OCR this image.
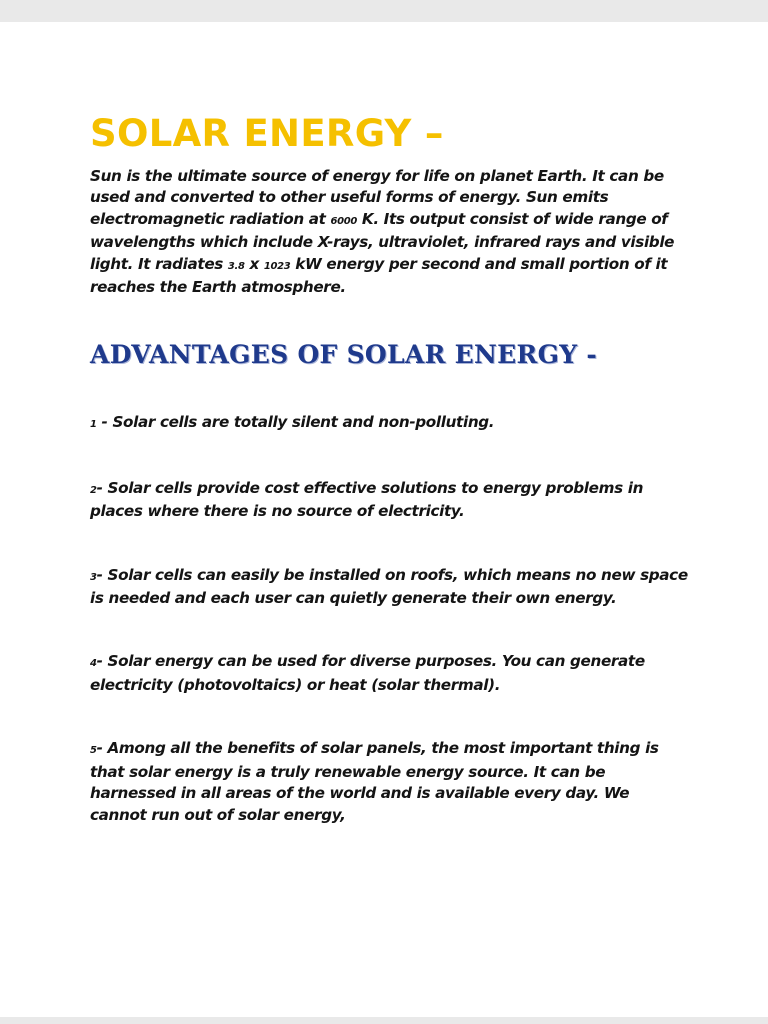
SOLAR ENERGY –

Sun is the ultimate source of energy for life on planet Earth. It can be used and converted to other useful forms of energy. Sun emits electromagnetic radiation at 6000 K. Its output consist of wide range of wavelengths which include X-rays, ultraviolet, infrared rays and visible light. It radiates 3.8 x 1023 kW energy per second and small portion of it reaches the Earth atmosphere.

ADVANTAGES OF SOLAR ENERGY -
1 - Solar cells are totally silent and non-polluting.
2- Solar cells provide cost effective solutions to energy problems in places where there is no source of electricity.
3- Solar cells can easily be installed on roofs, which means no new space is needed and each user can quietly generate their own energy.
4- Solar energy can be used for diverse purposes. You can generate electricity (photovoltaics) or heat (solar thermal).
5- Among all the benefits of solar panels, the most important thing is that solar energy is a truly renewable energy source. It can be harnessed in all areas of the world and is available every day. We cannot run out of solar energy,
